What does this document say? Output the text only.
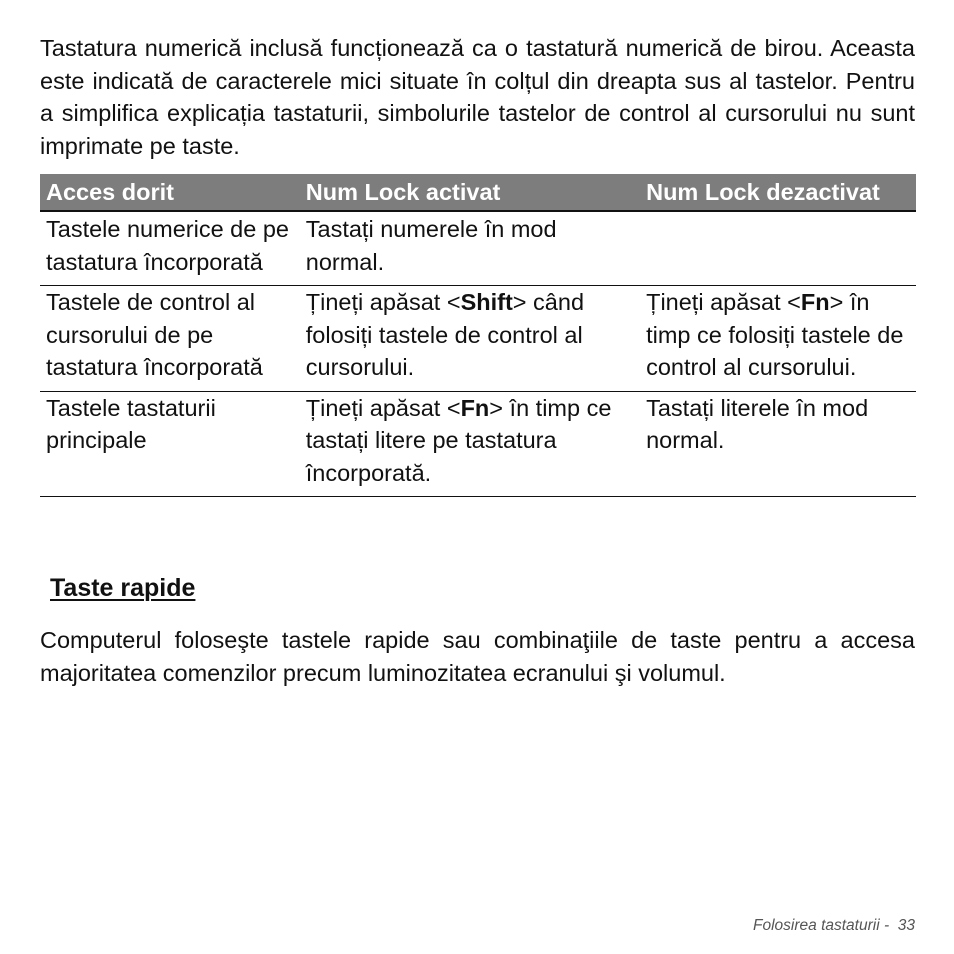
Tastatura numerică inclusă funcționează ca o tastatură numerică de birou. Aceasta este indicată de caracterele mici situate în colțul din dreapta sus al tastelor. Pentru a simplifica explicația tastaturii, simbolurile tastelor de control al cursorului nu sunt imprimate pe taste.

Acces dorit	Num Lock activat	Num Lock dezactivat
Tastele numerice de pe tastatura încorporată	Tastați numerele în mod normal.	
Tastele de control al cursorului de pe tastatura încorporată	Țineți apăsat <Shift> când folosiți tastele de control al cursorului.	Țineți apăsat <Fn> în timp ce folosiți tastele de control al cursorului.
Tastele tastaturii principale	Țineți apăsat <Fn> în timp ce tastați litere pe tastatura încorporată.	Tastați literele în mod normal.
Taste rapide

Computerul foloseşte tastele rapide sau combinaţiile de taste pentru a accesa majoritatea comenzilor precum luminozitatea ecranului şi volumul.

Folosirea tastaturii - 33
